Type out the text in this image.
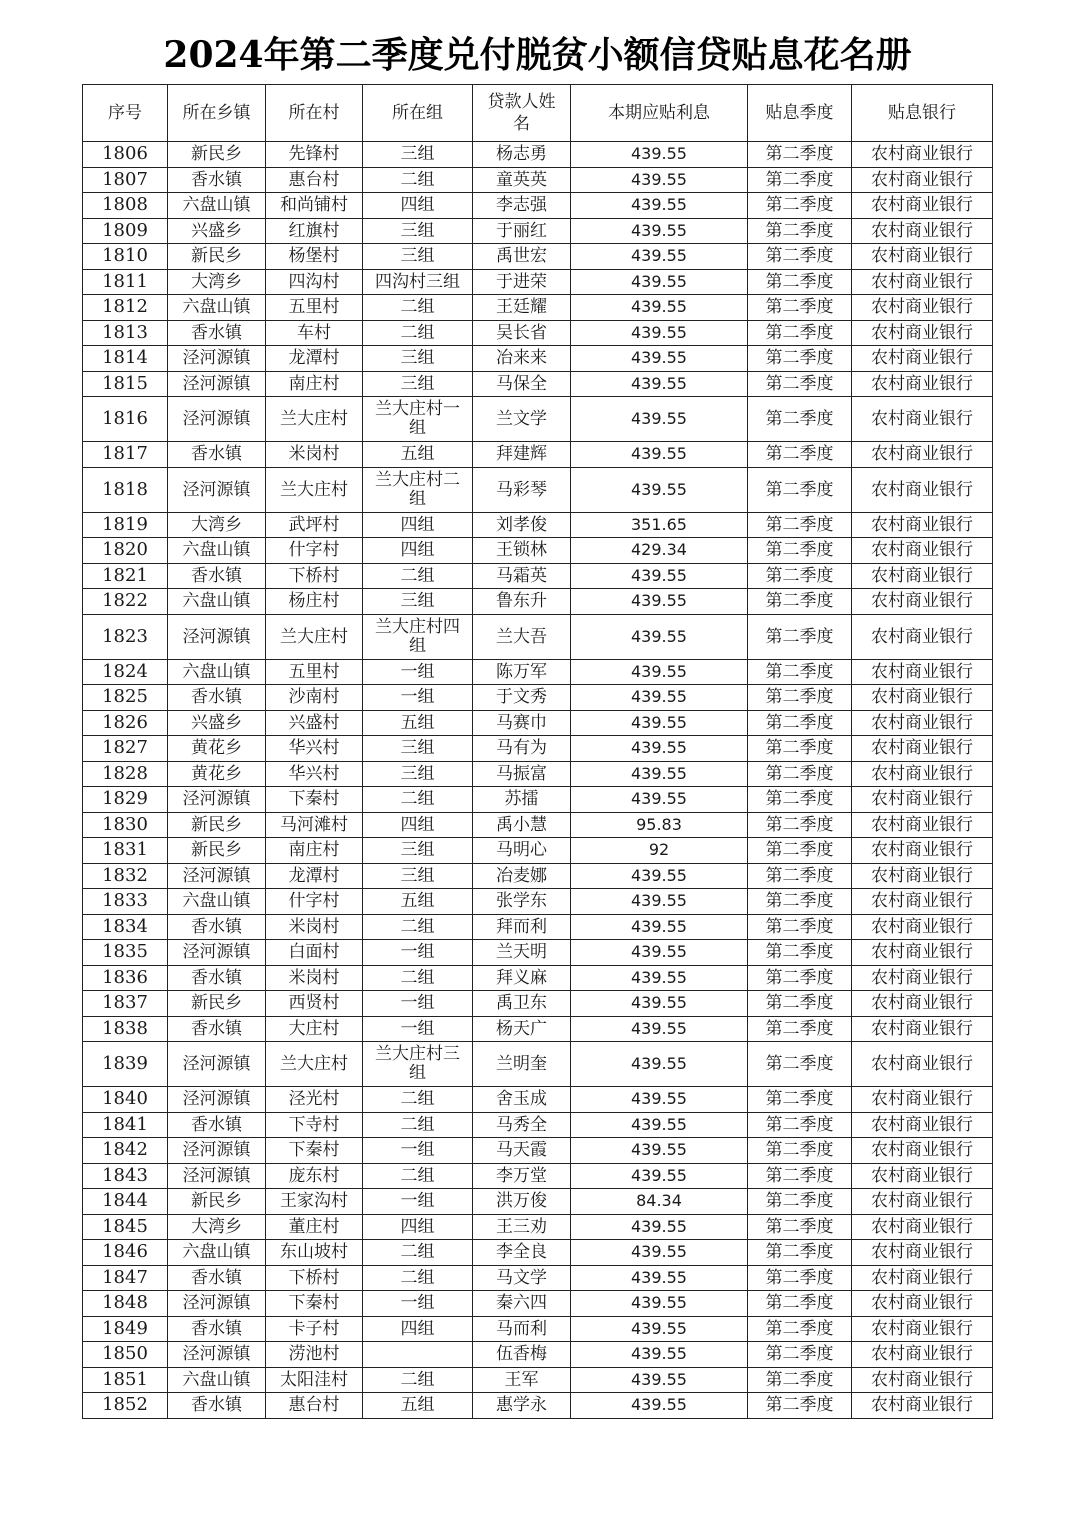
2024年第二季度兑付脱贫小额信贷贴息花名册
序号	所在乡镇	所在村	所在组	贷款人姓名	本期应贴利息	贴息季度	贴息银行
1806	新民乡	先锋村	三组	杨志勇	439.55	第二季度	农村商业银行
1807	香水镇	惠台村	二组	童英英	439.55	第二季度	农村商业银行
1808	六盘山镇	和尚铺村	四组	李志强	439.55	第二季度	农村商业银行
1809	兴盛乡	红旗村	三组	于丽红	439.55	第二季度	农村商业银行
1810	新民乡	杨堡村	三组	禹世宏	439.55	第二季度	农村商业银行
1811	大湾乡	四沟村	四沟村三组	于进荣	439.55	第二季度	农村商业银行
1812	六盘山镇	五里村	二组	王廷耀	439.55	第二季度	农村商业银行
1813	香水镇	车村	二组	吴长省	439.55	第二季度	农村商业银行
1814	泾河源镇	龙潭村	三组	冶来来	439.55	第二季度	农村商业银行
1815	泾河源镇	南庄村	三组	马保全	439.55	第二季度	农村商业银行
1816	泾河源镇	兰大庄村	兰大庄村一组	兰文学	439.55	第二季度	农村商业银行
1817	香水镇	米岗村	五组	拜建辉	439.55	第二季度	农村商业银行
1818	泾河源镇	兰大庄村	兰大庄村二组	马彩琴	439.55	第二季度	农村商业银行
1819	大湾乡	武坪村	四组	刘孝俊	351.65	第二季度	农村商业银行
1820	六盘山镇	什字村	四组	王锁林	429.34	第二季度	农村商业银行
1821	香水镇	下桥村	二组	马霜英	439.55	第二季度	农村商业银行
1822	六盘山镇	杨庄村	三组	鲁东升	439.55	第二季度	农村商业银行
1823	泾河源镇	兰大庄村	兰大庄村四组	兰大吾	439.55	第二季度	农村商业银行
1824	六盘山镇	五里村	一组	陈万军	439.55	第二季度	农村商业银行
1825	香水镇	沙南村	一组	于文秀	439.55	第二季度	农村商业银行
1826	兴盛乡	兴盛村	五组	马赛巾	439.55	第二季度	农村商业银行
1827	黄花乡	华兴村	三组	马有为	439.55	第二季度	农村商业银行
1828	黄花乡	华兴村	三组	马振富	439.55	第二季度	农村商业银行
1829	泾河源镇	下秦村	二组	苏擂	439.55	第二季度	农村商业银行
1830	新民乡	马河滩村	四组	禹小慧	95.83	第二季度	农村商业银行
1831	新民乡	南庄村	三组	马明心	92	第二季度	农村商业银行
1832	泾河源镇	龙潭村	三组	冶麦娜	439.55	第二季度	农村商业银行
1833	六盘山镇	什字村	五组	张学东	439.55	第二季度	农村商业银行
1834	香水镇	米岗村	二组	拜而利	439.55	第二季度	农村商业银行
1835	泾河源镇	白面村	一组	兰天明	439.55	第二季度	农村商业银行
1836	香水镇	米岗村	二组	拜义麻	439.55	第二季度	农村商业银行
1837	新民乡	西贤村	一组	禹卫东	439.55	第二季度	农村商业银行
1838	香水镇	大庄村	一组	杨天广	439.55	第二季度	农村商业银行
1839	泾河源镇	兰大庄村	兰大庄村三组	兰明奎	439.55	第二季度	农村商业银行
1840	泾河源镇	泾光村	二组	舍玉成	439.55	第二季度	农村商业银行
1841	香水镇	下寺村	二组	马秀全	439.55	第二季度	农村商业银行
1842	泾河源镇	下秦村	一组	马天霞	439.55	第二季度	农村商业银行
1843	泾河源镇	庞东村	二组	李万堂	439.55	第二季度	农村商业银行
1844	新民乡	王家沟村	一组	洪万俊	84.34	第二季度	农村商业银行
1845	大湾乡	董庄村	四组	王三劝	439.55	第二季度	农村商业银行
1846	六盘山镇	东山坡村	二组	李全良	439.55	第二季度	农村商业银行
1847	香水镇	下桥村	二组	马文学	439.55	第二季度	农村商业银行
1848	泾河源镇	下秦村	一组	秦六四	439.55	第二季度	农村商业银行
1849	香水镇	卡子村	四组	马而利	439.55	第二季度	农村商业银行
1850	泾河源镇	涝池村		伍香梅	439.55	第二季度	农村商业银行
1851	六盘山镇	太阳洼村	二组	王军	439.55	第二季度	农村商业银行
1852	香水镇	惠台村	五组	惠学永	439.55	第二季度	农村商业银行
